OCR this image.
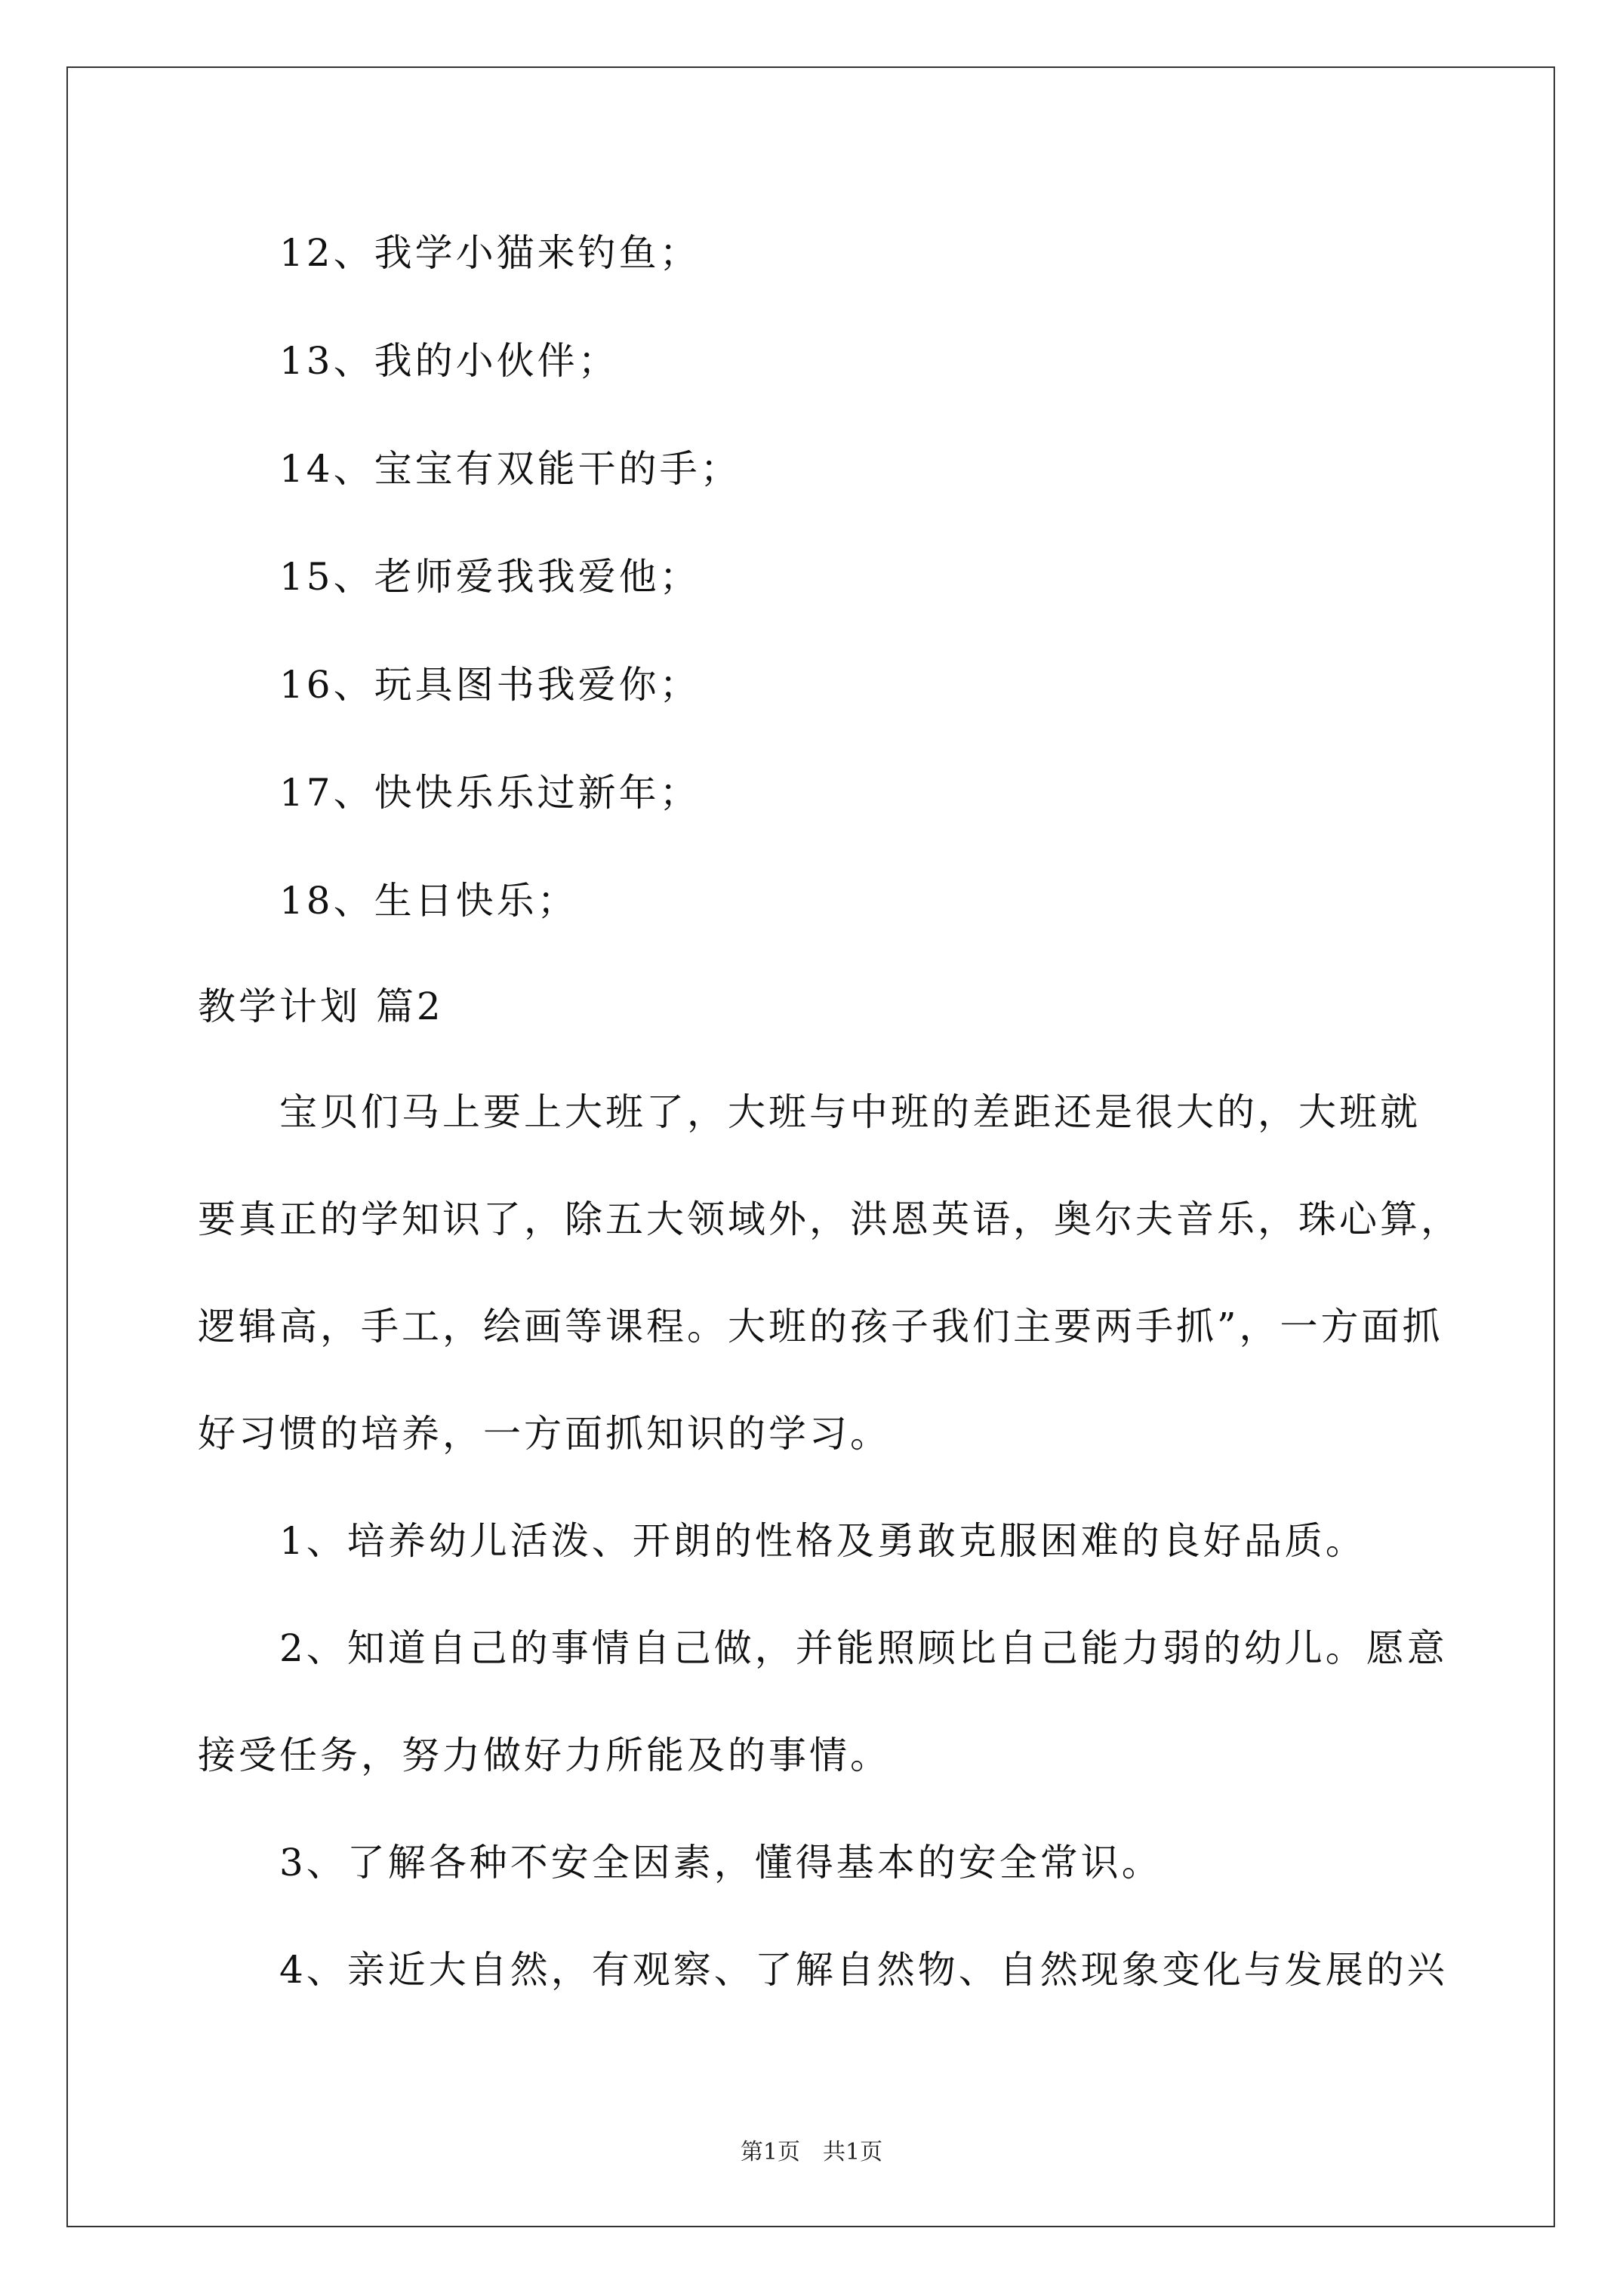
12、我学小猫来钓鱼；
13、我的小伙伴；
14、宝宝有双能干的手；
15、老师爱我我爱他；
16、玩具图书我爱你；
17、快快乐乐过新年；
18、生日快乐；
教学计划 篇2
宝贝们马上要上大班了，大班与中班的差距还是很大的，大班就
要真正的学知识了，除五大领域外，洪恩英语，奥尔夫音乐，珠心算，
逻辑高，手工，绘画等课程。大班的孩子我们主要两手抓”，一方面抓
好习惯的培养，一方面抓知识的学习。
1、培养幼儿活泼、开朗的性格及勇敢克服困难的良好品质。
2、知道自己的事情自己做，并能照顾比自己能力弱的幼儿。愿意
接受任务，努力做好力所能及的事情。
3、了解各种不安全因素，懂得基本的安全常识。
4、亲近大自然，有观察、了解自然物、自然现象变化与发展的兴
第1页　共1页
